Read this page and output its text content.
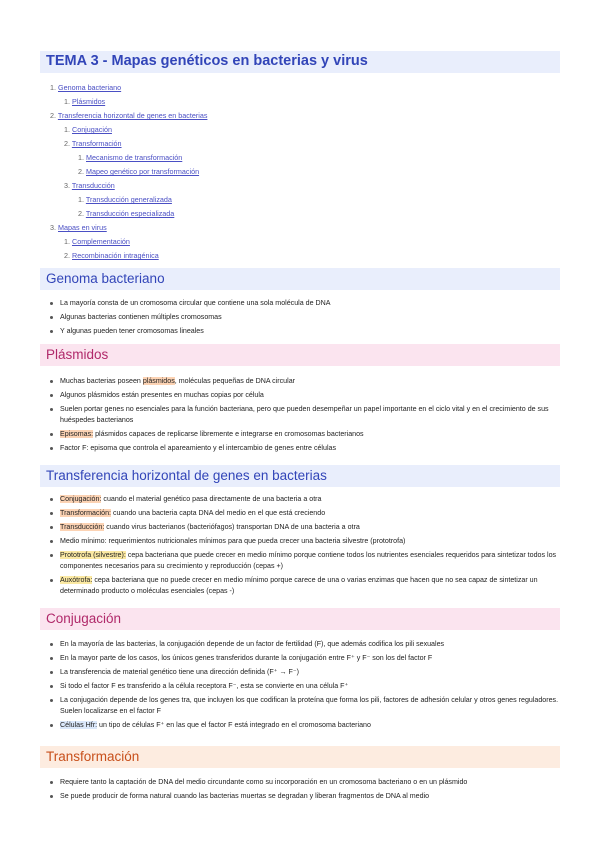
TEMA 3 - Mapas genéticos en bacterias y virus
1. Genoma bacteriano
1. Plásmidos
2. Transferencia horizontal de genes en bacterias
1. Conjugación
2. Transformación
1. Mecanismo de transformación
2. Mapeo genético por transformación
3. Transducción
1. Transducción generalizada
2. Transducción especializada
3. Mapas en virus
1. Complementación
2. Recombinación intragénica
Genoma bacteriano
La mayoría consta de un cromosoma circular que contiene una sola molécula de DNA
Algunas bacterias contienen múltiples cromosomas
Y algunas pueden tener cromosomas lineales
Plásmidos
Muchas bacterias poseen plásmidos, moléculas pequeñas de DNA circular
Algunos plásmidos están presentes en muchas copias por célula
Suelen portar genes no esenciales para la función bacteriana, pero que pueden desempeñar un papel importante en el ciclo vital y en el crecimiento de sus huéspedes bacterianos
Episomas: plásmidos capaces de replicarse libremente e integrarse en cromosomas bacterianos
Factor F: episoma que controla el apareamiento y el intercambio de genes entre células
Transferencia horizontal de genes en bacterias
Conjugación: cuando el material genético pasa directamente de una bacteria a otra
Transformación: cuando una bacteria capta DNA del medio en el que está creciendo
Transducción: cuando virus bacterianos (bacteriófagos) transportan DNA de una bacteria a otra
Medio mínimo: requerimientos nutricionales mínimos para que pueda crecer una bacteria silvestre (prototrofa)
Prototrofa (silvestre): cepa bacteriana que puede crecer en medio mínimo porque contiene todos los nutrientes esenciales requeridos para sintetizar todos los componentes necesarios para su crecimiento y reproducción (cepas +)
Auxótrofa: cepa bacteriana que no puede crecer en medio mínimo porque carece de una o varias enzimas que hacen que no sea capaz de sintetizar un determinado producto o moléculas esenciales (cepas -)
Conjugación
En la mayoría de las bacterias, la conjugación depende de un factor de fertilidad (F), que además codifica los pili sexuales
En la mayor parte de los casos, los únicos genes transferidos durante la conjugación entre F⁺ y F⁻ son los del factor F
La transferencia de material genético tiene una dirección definida (F⁺ → F⁻)
Si todo el factor F es transferido a la célula receptora F⁻, esta se convierte en una célula F⁺
La conjugación depende de los genes tra, que incluyen los que codifican la proteína que forma los pili, factores de adhesión celular y otros genes reguladores. Suelen localizarse en el factor F
Células Hfr: un tipo de células F⁺ en las que el factor F está integrado en el cromosoma bacteriano
Transformación
Requiere tanto la captación de DNA del medio circundante como su incorporación en un cromosoma bacteriano o en un plásmido
Se puede producir de forma natural cuando las bacterias muertas se degradan y liberan fragmentos de DNA al medio
